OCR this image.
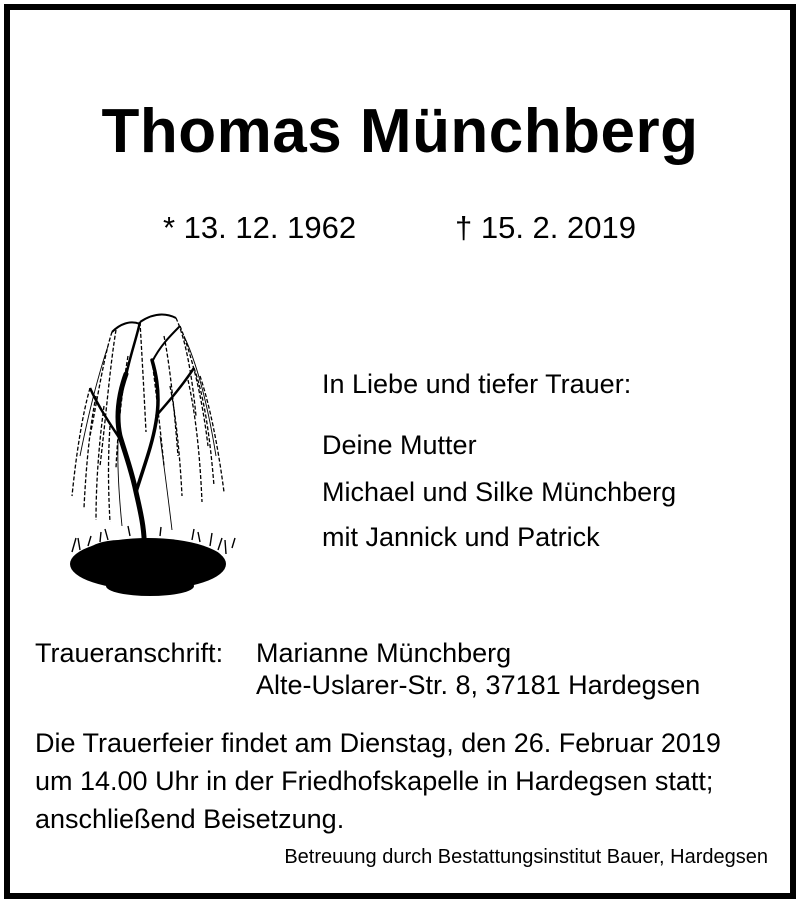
Thomas Münchberg
* 13. 12. 1962	† 15. 2. 2019
In Liebe und tiefer Trauer:
Deine Mutter
Michael und Silke Münchberg
mit Jannick und Patrick
Traueranschrift: Marianne Münchberg
Alte-Uslarer-Str. 8, 37181 Hardegsen
Die Trauerfeier findet am Dienstag, den 26. Februar 2019
um 14.00 Uhr in der Friedhofskapelle in Hardegsen statt;
anschließend Beisetzung.
Betreuung durch Bestattungsinstitut Bauer, Hardegsen
